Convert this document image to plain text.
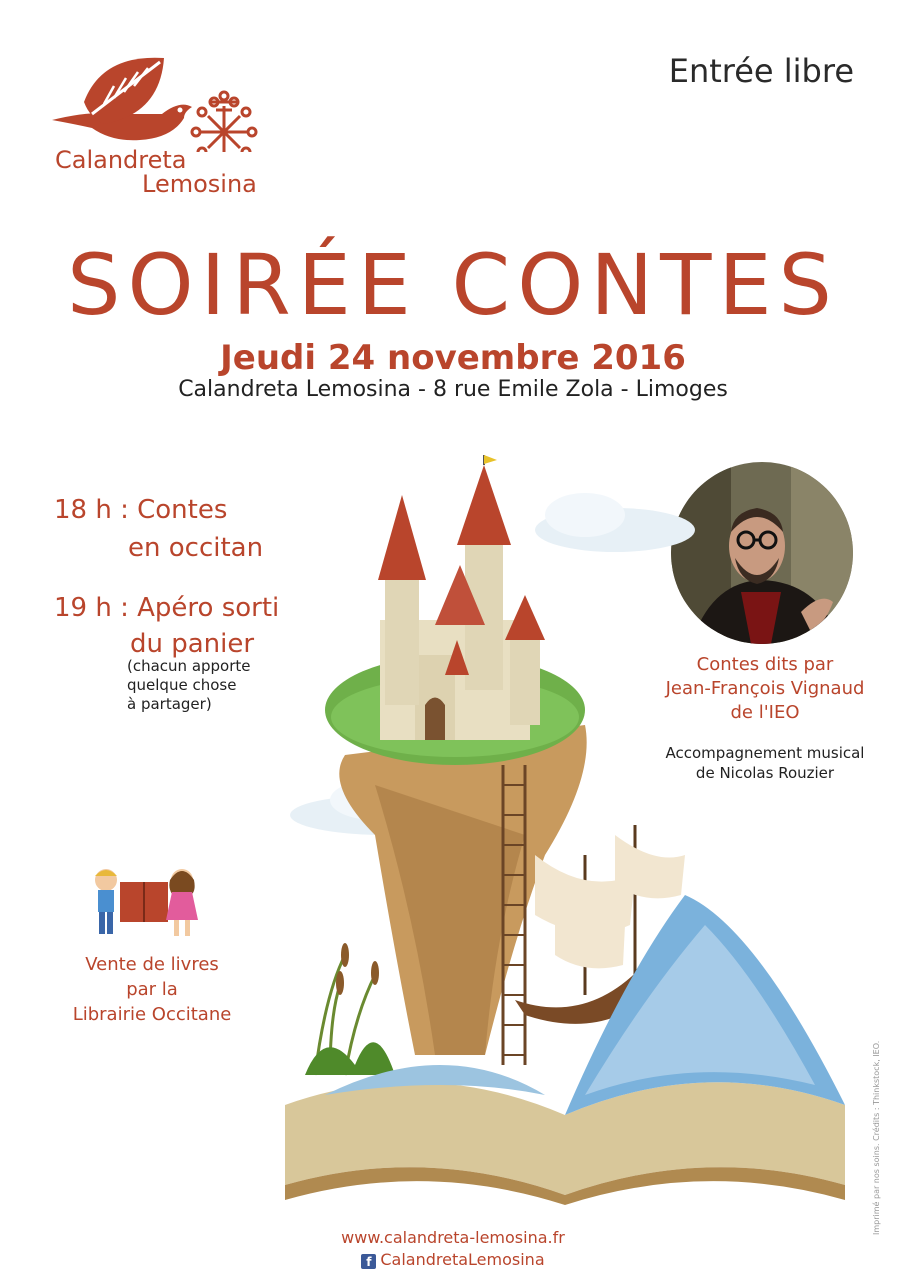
Calandreta
Lemosina
Entrée libre
SOIRÉE CONTES
Jeudi 24 novembre 2016
Calandreta Lemosina - 8 rue Emile Zola - Limoges
18 h : Contes
en occitan
19 h : Apéro sorti
du panier
(chacun apporte
quelque chose
à partager)
Contes dits par
Jean-François Vignaud
de l'IEO
Accompagnement musical
de Nicolas Rouzier
Vente de livres
par la
Librairie Occitane
Imprimé par nos soins. Crédits : Thinkstock, IEO.
www.calandreta-lemosina.fr
f CalandretaLemosina
